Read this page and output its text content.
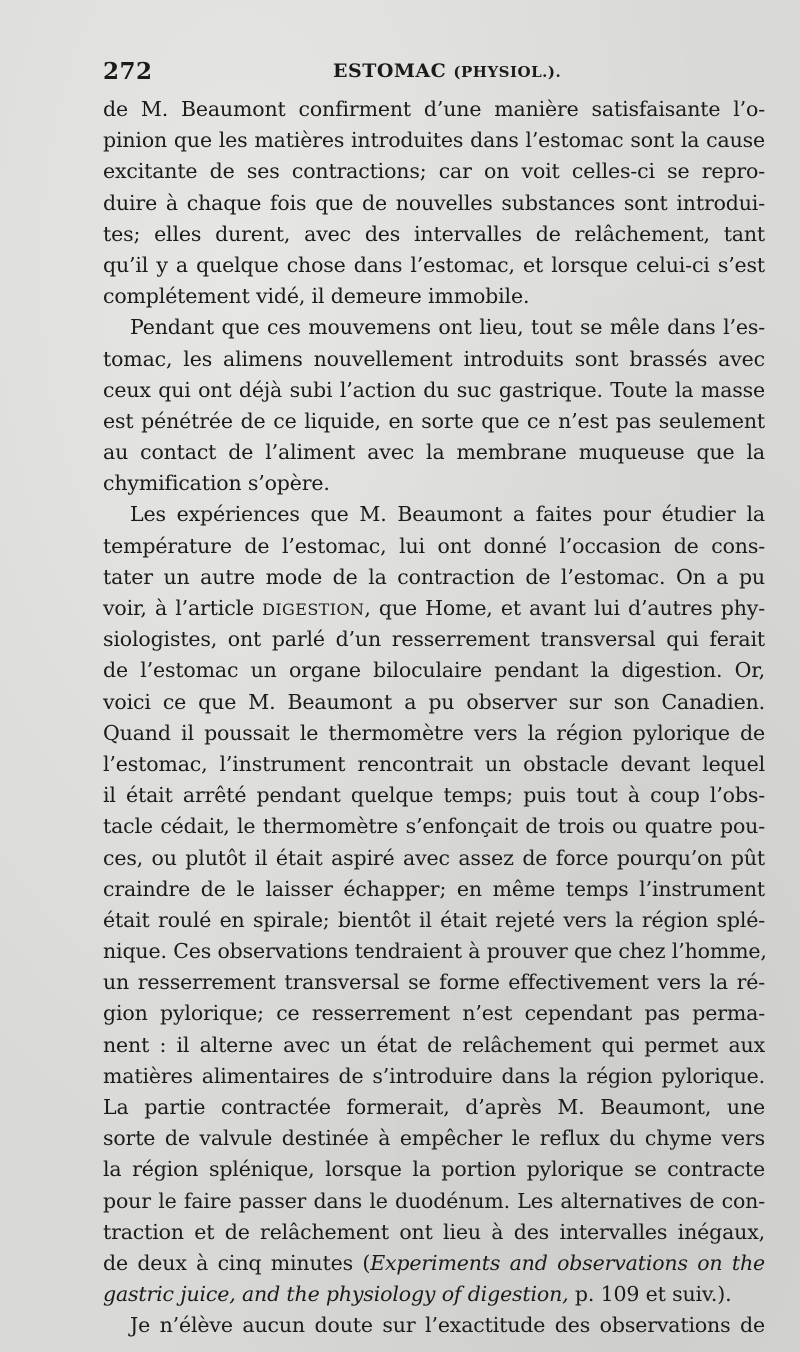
272	ESTOMAC (PHYSIOL.).
de M. Beaumont confirment d’une manière satisfaisante l’o-
pinion que les matières introduites dans l’estomac sont la cause
excitante de ses contractions; car on voit celles-ci se repro-
duire à chaque fois que de nouvelles substances sont introdui-
tes; elles durent, avec des intervalles de relâchement, tant
qu’il y a quelque chose dans l’estomac, et lorsque celui-ci s’est
complétement vidé, il demeure immobile.
Pendant que ces mouvemens ont lieu, tout se mêle dans l’es-
tomac, les alimens nouvellement introduits sont brassés avec
ceux qui ont déjà subi l’action du suc gastrique. Toute la masse
est pénétrée de ce liquide, en sorte que ce n’est pas seulement
au contact de l’aliment avec la membrane muqueuse que la
chymification s’opère.
Les expériences que M. Beaumont a faites pour étudier la
température de l’estomac, lui ont donné l’occasion de cons-
tater un autre mode de la contraction de l’estomac. On a pu
voir, à l’article DIGESTION, que Home, et avant lui d’autres phy-
siologistes, ont parlé d’un resserrement transversal qui ferait
de l’estomac un organe biloculaire pendant la digestion. Or,
voici ce que M. Beaumont a pu observer sur son Canadien.
Quand il poussait le thermomètre vers la région pylorique de
l’estomac, l’instrument rencontrait un obstacle devant lequel
il était arrêté pendant quelque temps; puis tout à coup l’obs-
tacle cédait, le thermomètre s’enfonçait de trois ou quatre pou-
ces, ou plutôt il était aspiré avec assez de force pourqu’on pût
craindre de le laisser échapper; en même temps l’instrument
était roulé en spirale; bientôt il était rejeté vers la région splé-
nique. Ces observations tendraient à prouver que chez l’homme,
un resserrement transversal se forme effectivement vers la ré-
gion pylorique; ce resserrement n’est cependant pas perma-
nent : il alterne avec un état de relâchement qui permet aux
matières alimentaires de s’introduire dans la région pylorique.
La partie contractée formerait, d’après M. Beaumont, une
sorte de valvule destinée à empêcher le reflux du chyme vers
la région splénique, lorsque la portion pylorique se contracte
pour le faire passer dans le duodénum. Les alternatives de con-
traction et de relâchement ont lieu à des intervalles inégaux,
de deux à cinq minutes (Experiments and observations on the
gastric juice, and the physiology of digestion, p. 109 et suiv.).
Je n’élève aucun doute sur l’exactitude des observations de
